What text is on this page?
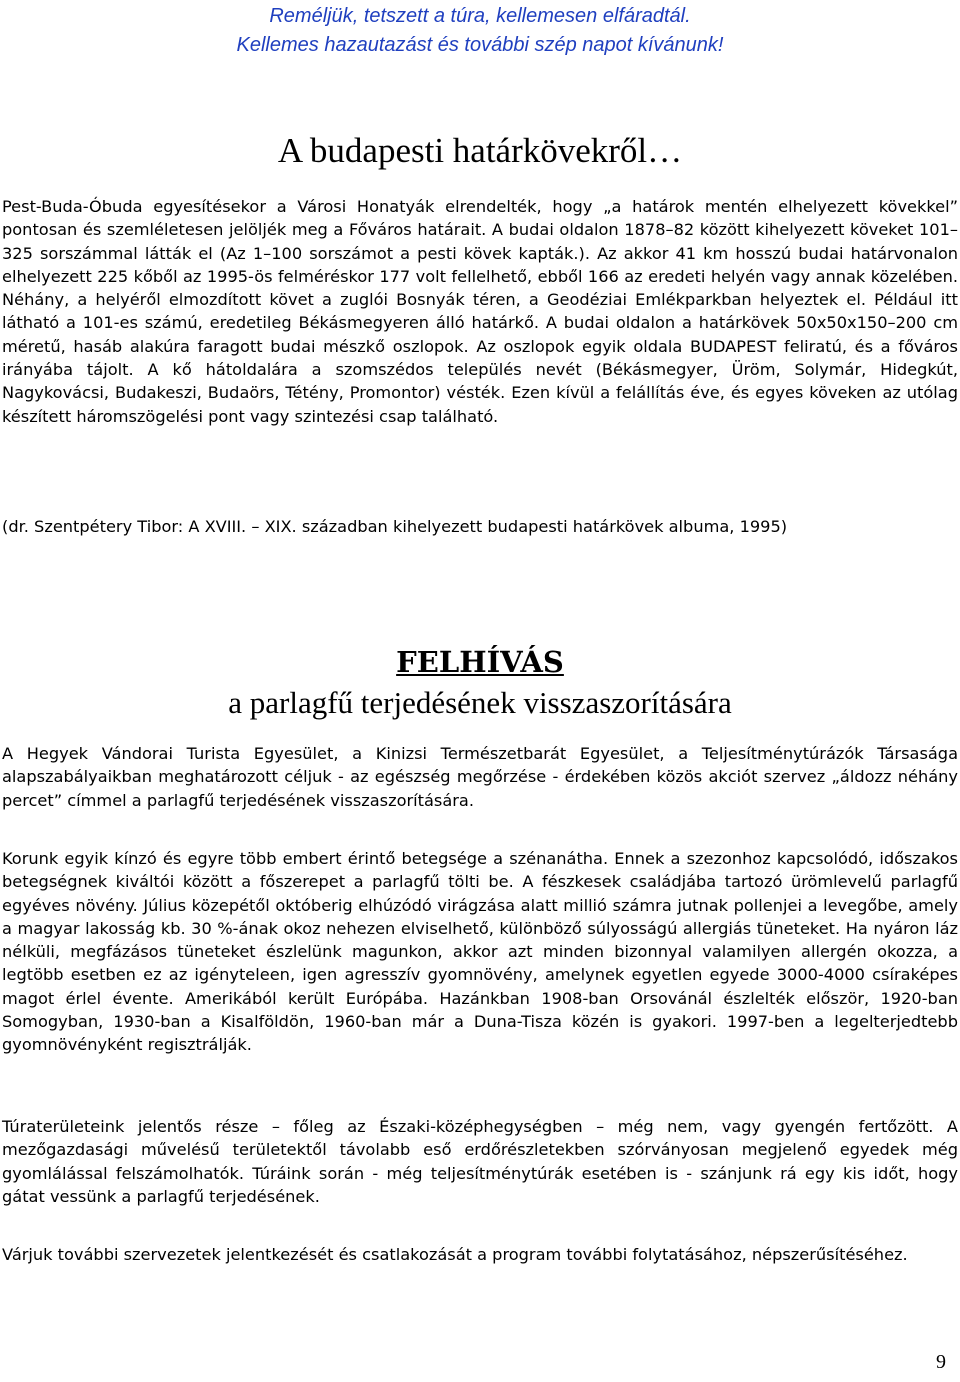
Reméljük, tetszett a túra, kellemesen elfáradtál.
Kellemes hazautazást és további szép napot kívánunk!
A budapesti határkövekről…
Pest-Buda-Óbuda egyesítésekor a Városi Honatyák elrendelték, hogy „a határok mentén elhelyezett kövekkel” pontosan és szemléletesen jelöljék meg a Főváros határait. A budai oldalon 1878–82 között kihelyezett köveket 101–325 sorszámmal látták el (Az 1–100 sorszámot a pesti kövek kapták.). Az akkor 41 km hosszú budai határvonalon elhelyezett 225 kőből az 1995-ös felméréskor 177 volt fellelhető, ebből 166 az eredeti helyén vagy annak közelében. Néhány, a helyéről elmozdított követ a zuglói Bosnyák téren, a Geodéziai Emlékparkban helyeztek el. Például itt látható a 101-es számú, eredetileg Békásmegyeren álló határkő. A budai oldalon a határkövek 50x50x150–200 cm méretű, hasáb alakúra faragott budai mészkő oszlopok. Az oszlopok egyik oldala BUDAPEST feliratú, és a főváros irányába tájolt. A kő hátoldalára a szomszédos település nevét (Békásmegyer, Üröm, Solymár, Hidegkút, Nagykovácsi, Budakeszi, Budaörs, Tétény, Promontor) vésték. Ezen kívül a felállítás éve, és egyes köveken az utólag készített háromszögelési pont vagy szintezési csap található.
(dr. Szentpétery Tibor: A XVIII. – XIX. században kihelyezett budapesti határkövek albuma, 1995)
FELHÍVÁS
a parlagfű terjedésének visszaszorítására
A Hegyek Vándorai Turista Egyesület, a Kinizsi Természetbarát Egyesület, a Teljesítménytúrázók Társasága alapszabályaikban meghatározott céljuk - az egészség megőrzése - érdekében közös akciót szervez „áldozz néhány percet” címmel a parlagfű terjedésének visszaszorítására.
Korunk egyik kínzó és egyre több embert érintő betegsége a szénanátha. Ennek a szezonhoz kapcsolódó, időszakos betegségnek kiváltói között a főszerepet a parlagfű tölti be. A fészkesek családjába tartozó ürömlevelű parlagfű egyéves növény. Július közepétől októberig elhúzódó virágzása alatt millió számra jutnak pollenjei a levegőbe, amely a magyar lakosság kb. 30 %-ának okoz nehezen elviselhető, különböző súlyosságú allergiás tüneteket. Ha nyáron láz nélküli, megfázásos tüneteket észlelünk magunkon, akkor azt minden bizonnyal valamilyen allergén okozza, a legtöbb esetben ez az igényteleen, igen agresszív gyomnövény, amelynek egyetlen egyede 3000-4000 csíraképes magot érlel évente. Amerikából került Európába. Hazánkban 1908-ban Orsovánál észlelték először, 1920-ban Somogyban, 1930-ban a Kisalföldön, 1960-ban már a Duna-Tisza közén is gyakori. 1997-ben a legelterjedtebb gyomnövényként regisztrálják.
Túraterületeink jelentős része – főleg az Északi-középhegységben – még nem, vagy gyengén fertőzött. A mezőgazdasági művelésű területektől távolabb eső erdőrészletekben szórványosan megjelenő egyedek még gyomlálással felszámolhatók. Túráink során - még teljesítménytúrák esetében is - szánjunk rá egy kis időt, hogy gátat vessünk a parlagfű terjedésének.
Várjuk további szervezetek jelentkezését és csatlakozását a program további folytatásához, népszerűsítéséhez.
9
